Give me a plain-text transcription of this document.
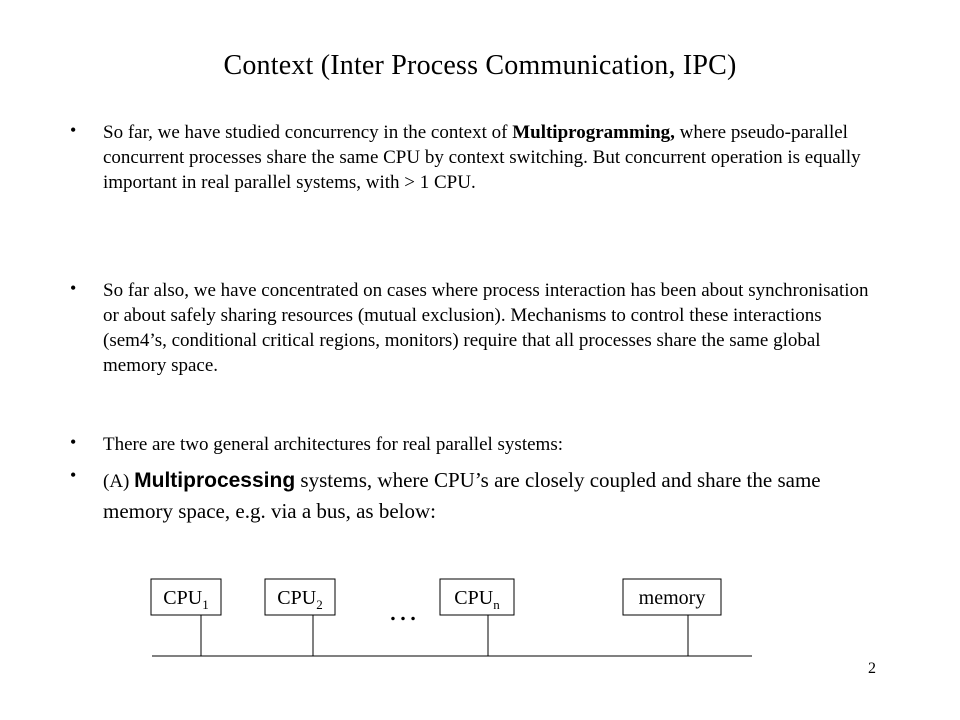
Context (Inter Process Communication, IPC)
• So far, we have studied concurrency in the context of Multiprogramming, where pseudo-parallel concurrent processes share the same CPU by context switching. But concurrent operation is equally important in real parallel systems, with > 1 CPU.
• So far also, we have concentrated on cases where process interaction has been about synchronisation or about safely sharing resources (mutual exclusion). Mechanisms to control these interactions (sem4’s, conditional critical regions, monitors) require that all processes share the same global memory space.
• There are two general architectures for real parallel systems:
• (A) Multiprocessing systems, where CPU’s are closely coupled and share the same memory space, e.g. via a bus, as below:
$CPU_1$	$CPU_2$ … $CPU_n$	memory
2
